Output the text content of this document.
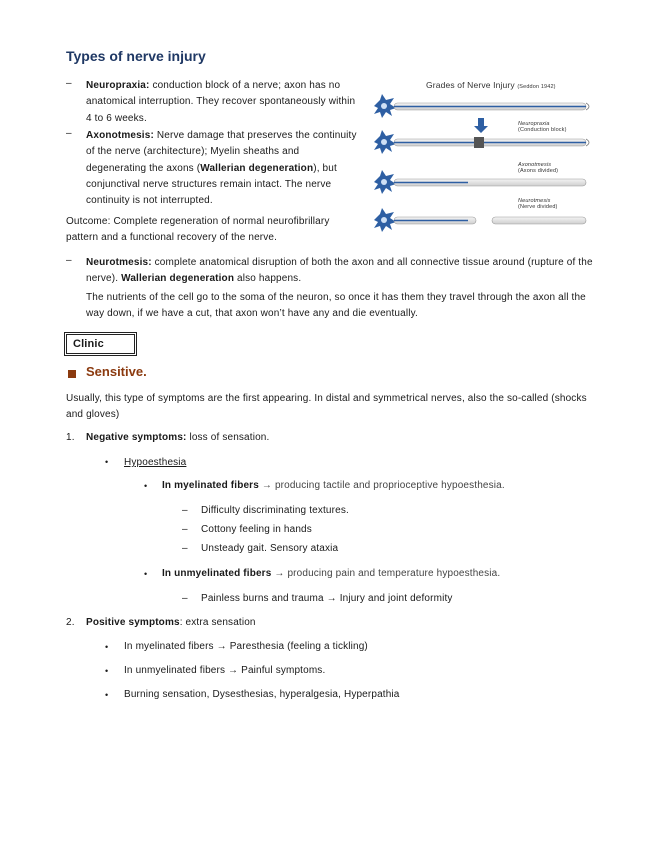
Types of nerve injury
Grades of Nerve Injury (Seddon 1942)
Neuropraxia
(Conduction block)
Axonotmesis
(Axons divided)
Neurotmesis
(Nerve divided)
– Neuropraxia: conduction block of a nerve; axon has no anatomical interruption. They recover spontaneously within 4 to 6 weeks.
– Axonotmesis: Nerve damage that preserves the continuity of the nerve (architecture); Myelin sheaths and degenerating the axons (Wallerian degeneration), but conjunctival nerve structures remain intact. The nerve continuity is not interrupted.
Outcome: Complete regeneration of normal neurofibrillary pattern and a functional recovery of the nerve.
– Neurotmesis: complete anatomical disruption of both the axon and all connective tissue around (rupture of the nerve). Wallerian degeneration also happens.
The nutrients of the cell go to the soma of the neuron, so once it has them they travel through the axon all the way down, if we have a cut, that axon won’t have any and die eventually.
Clinic
Sensitive.
Usually, this type of symptoms are the first appearing. In distal and symmetrical nerves, also the so-called (shocks and gloves)
1. Negative symptoms: loss of sensation.
• Hypoesthesia
• In myelinated fibers → producing tactile and proprioceptive hypoesthesia.
– Difficulty discriminating textures.
– Cottony feeling in hands
– Unsteady gait. Sensory ataxia
• In unmyelinated fibers → producing pain and temperature hypoesthesia.
– Painless burns and trauma → Injury and joint deformity
2. Positive symptoms: extra sensation
• In myelinated fibers → Paresthesia (feeling a tickling)
• In unmyelinated fibers → Painful symptoms.
• Burning sensation, Dysesthesias, hyperalgesia, Hyperpathia
